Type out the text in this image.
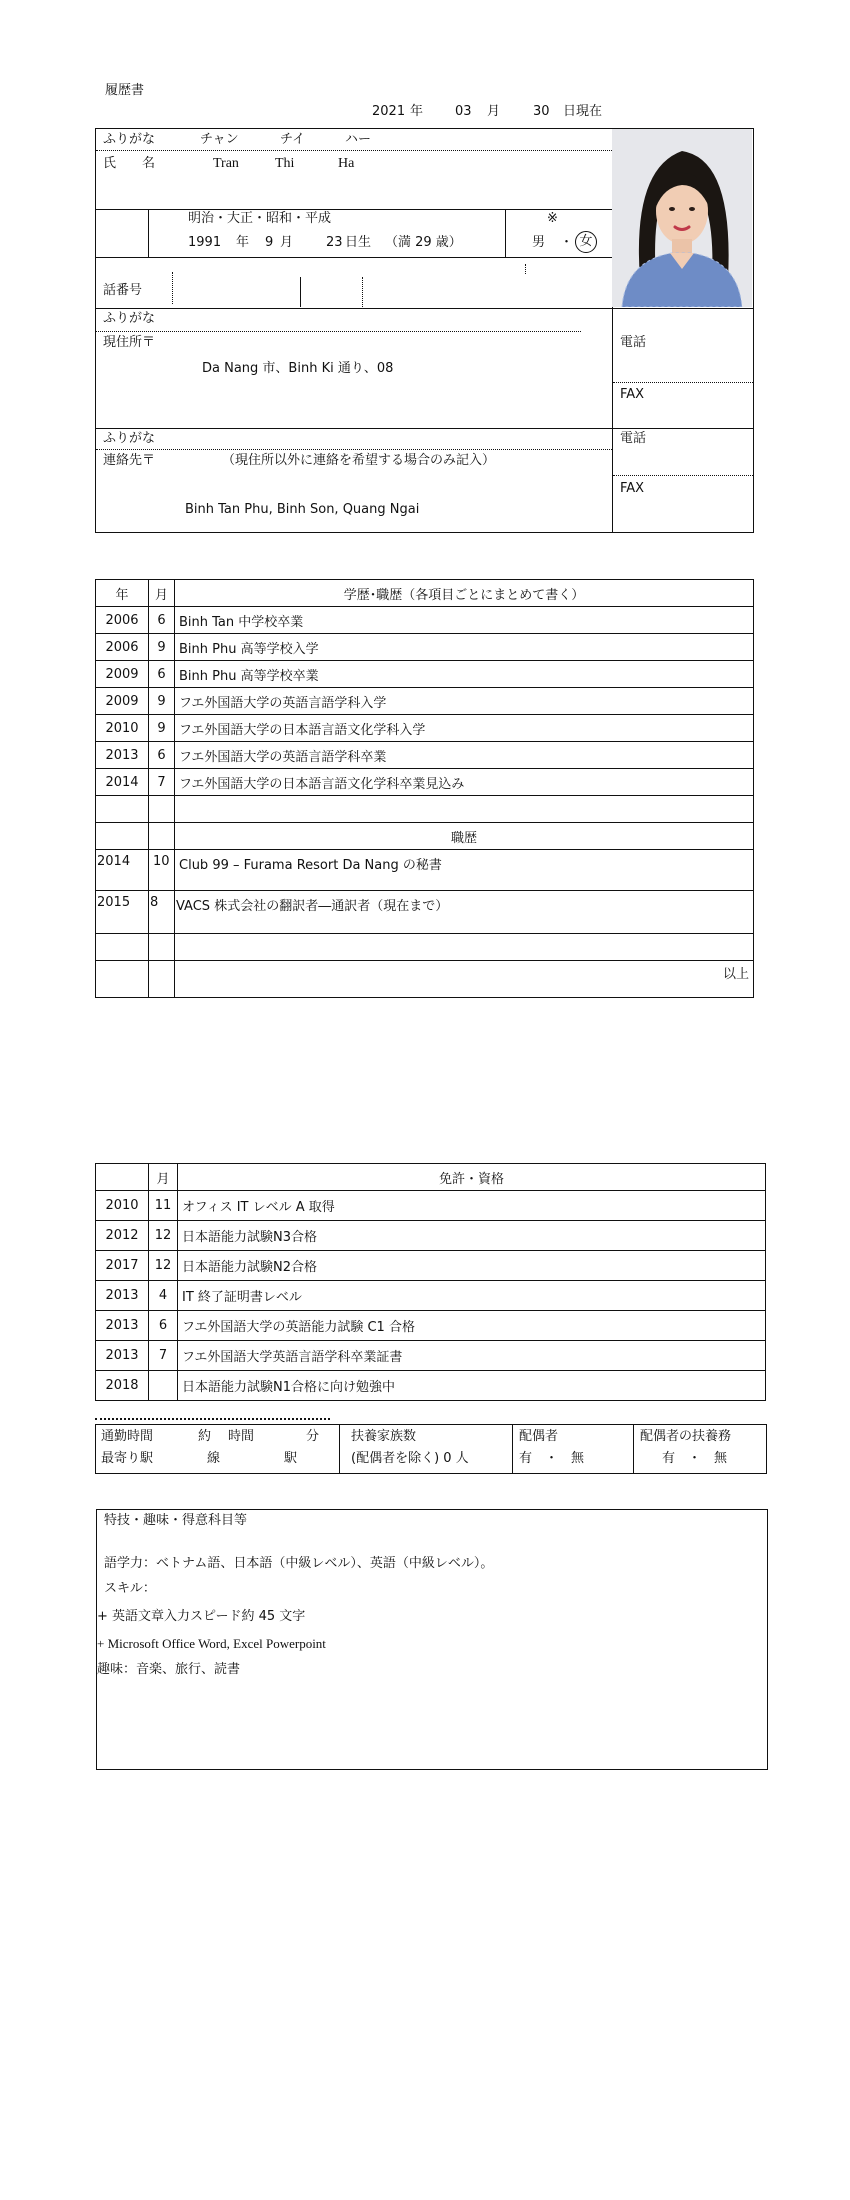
履歴書
2021 年 03 月	30 日現在
ふりがな	チャン	チイ	ハー
氏　　名	Tran	Thi	Ha
明治・大正・昭和・平成
1991 年 9 月	23 日生 （満 29 歳）
※
男 ・ 女
話番号
ふりがな
現住所〒
Da Nang 市、Binh Ki 通り、08
電話
FAX
ふりがな
連絡先〒	（現住所以外に連絡を希望する場合のみ記入）
Binh Tan Phu, Binh Son, Quang Ngai
電話
FAX
年	月	学歴･職歴（各項目ごとにまとめて書く）
2006	6	Binh Tan 中学校卒業
2006	9	Binh Phu 高等学校入学
2009	6	Binh Phu 高等学校卒業
2009	9	フエ外国語大学の英語言語学科入学
2010	9	フエ外国語大学の日本語言語文化学科入学
2013	6	フエ外国語大学の英語言語学科卒業
2014	7	フエ外国語大学の日本語言語文化学科卒業見込み

		職歴
2014	10	Club 99 – Furama Resort Da Nang の秘書
2015	8	VACS 株式会社の翻訳者―通訳者（現在まで）

		以上
	月	免許・資格
2010	11	オフィス IT レベル A 取得
2012	12	日本語能力試験N3合格
2017	12	日本語能力試験N2合格
2013	4	IT 終了証明書レベル
2013	6	フエ外国語大学の英語能力試験 C1 合格
2013	7	フエ外国語大学英語言語学科卒業証書
2018		日本語能力試験N1合格に向け勉強中
通勤時間	約 時間	分
最寄り駅	線	駅
扶養家族数
(配偶者を除く) 0 人
配偶者
有　・　無
配偶者の扶養務
有　・　無
特技・趣味・得意科目等
語学力：ベトナム語、日本語（中級レベル）、英語（中級レベル）。
スキル：
+ 英語文章入力スピード約 45 文字
+ Microsoft Office Word, Excel Powerpoint
趣味：音楽、旅行、読書
